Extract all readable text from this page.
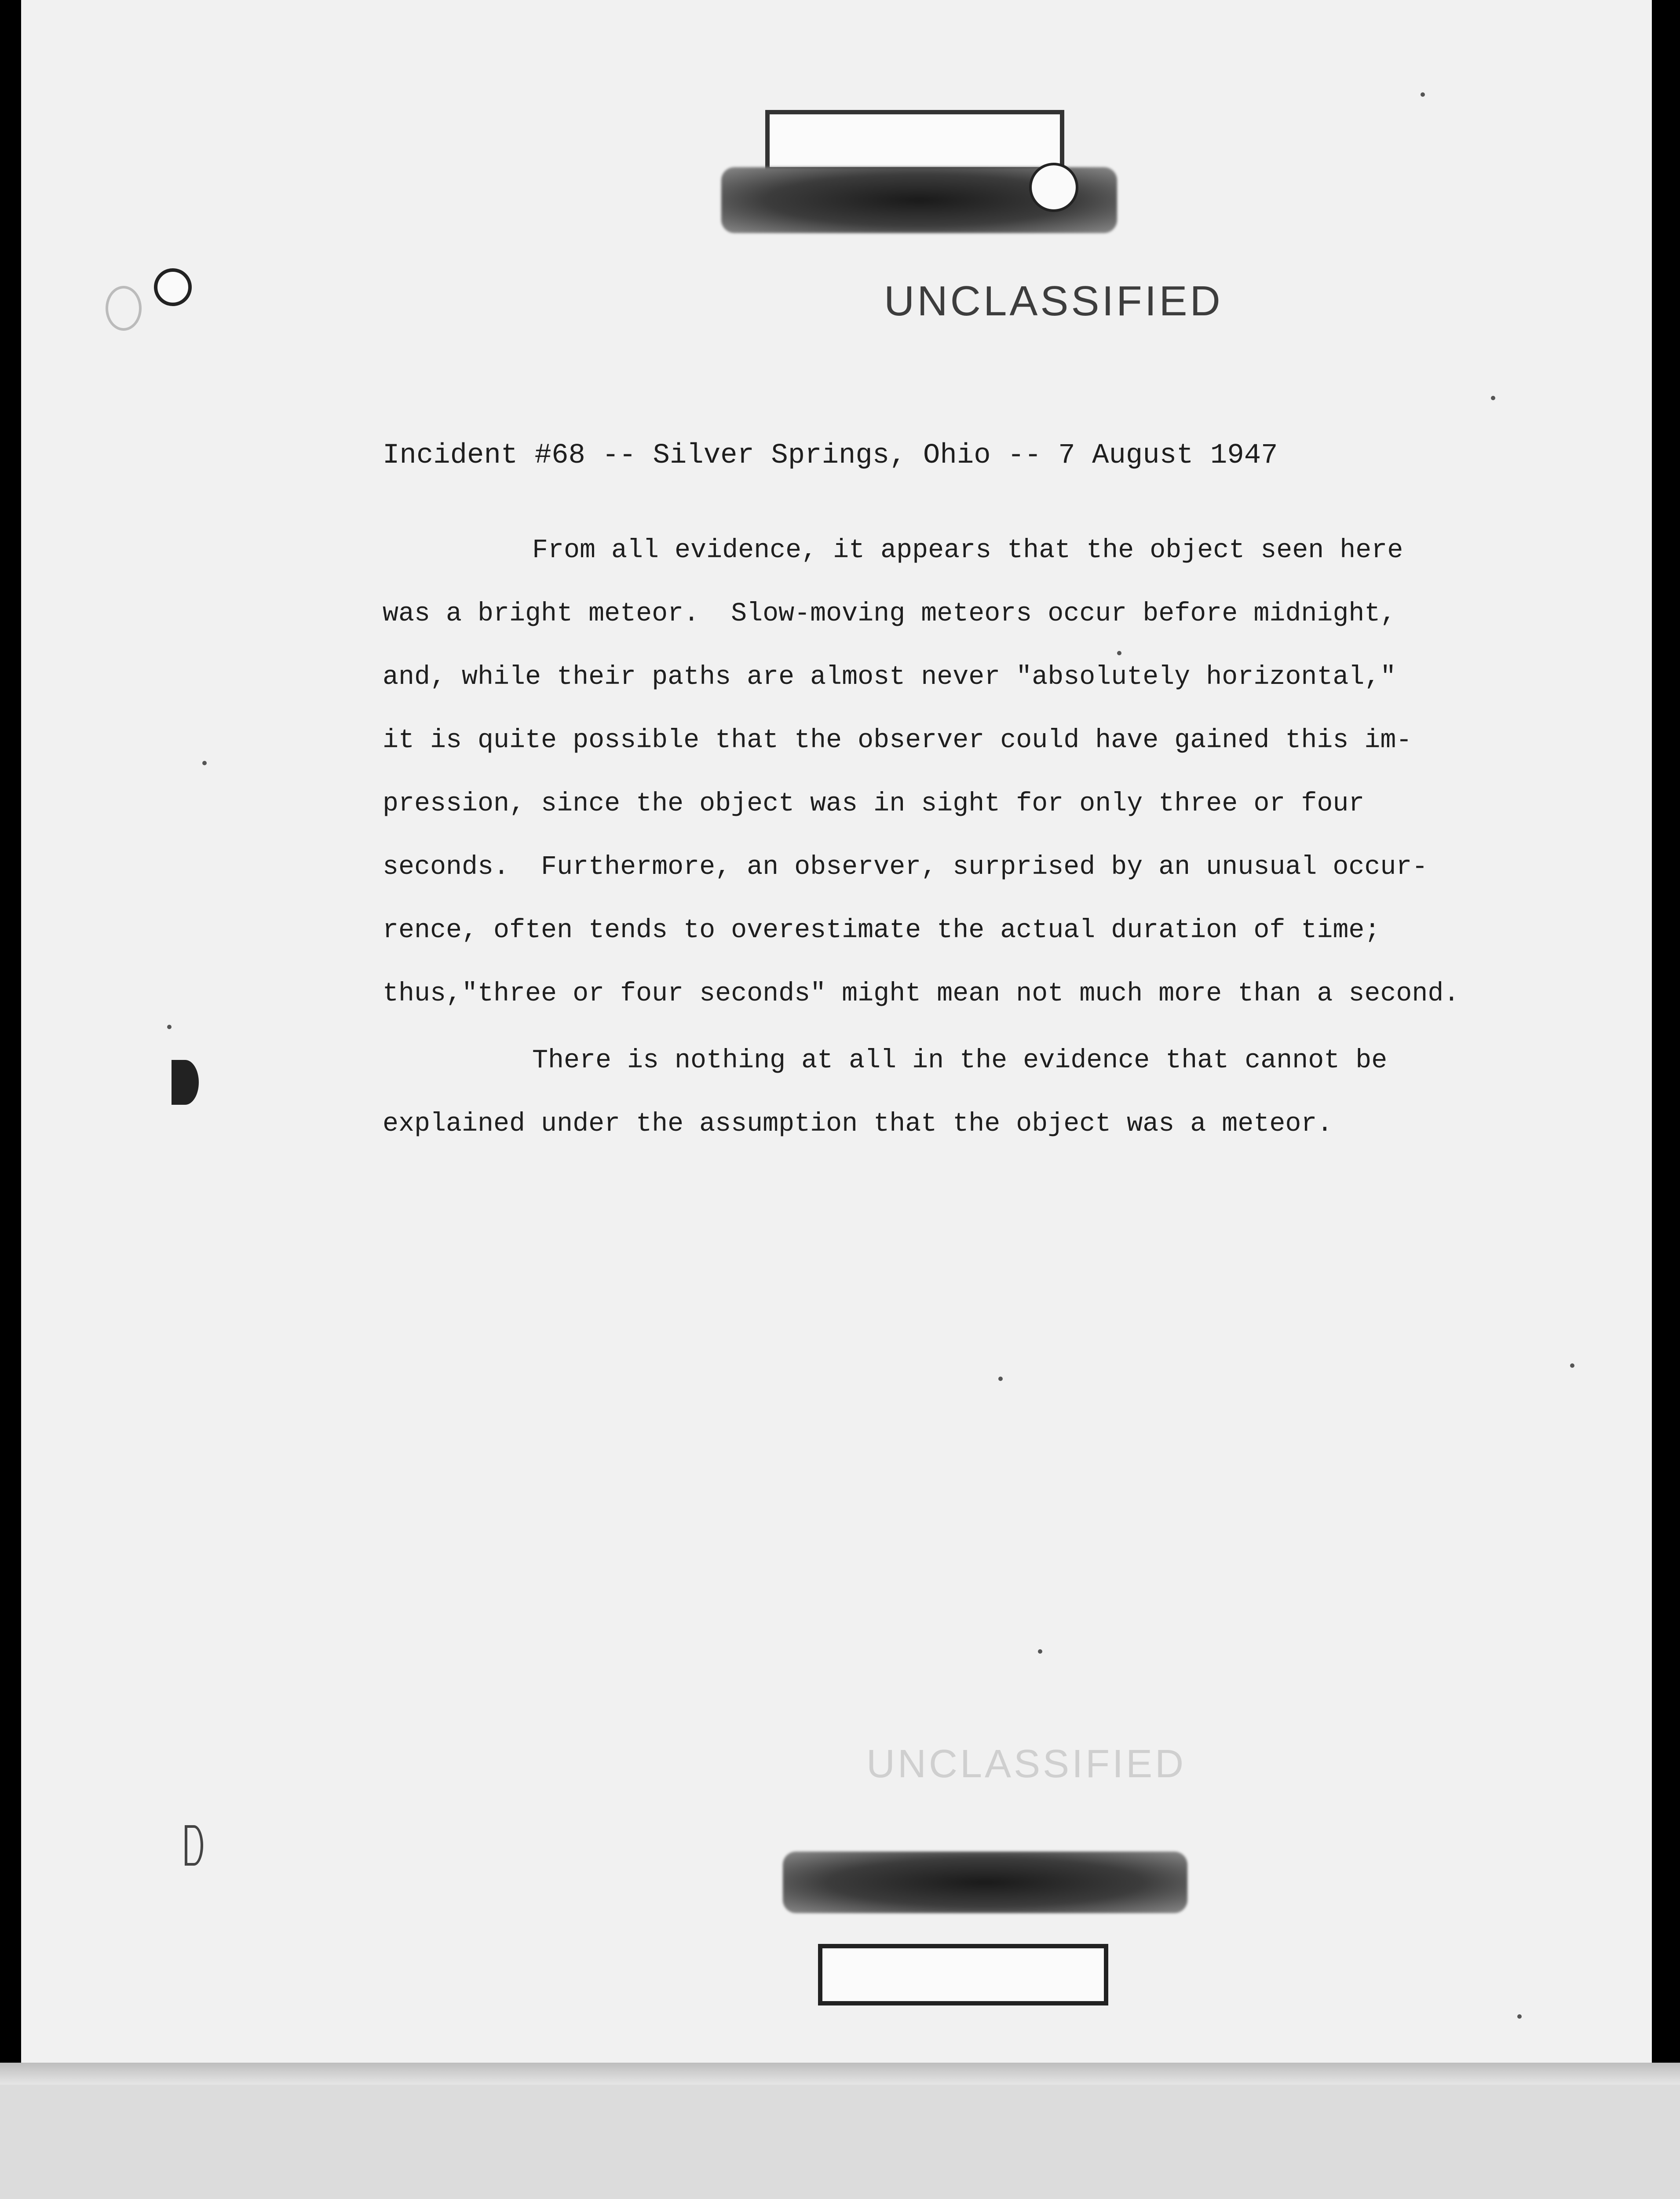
UNCLASSIFIED
Incident #68 -- Silver Springs, Ohio -- 7 August 1947
From all evidence, it appears that the object seen here
was a bright meteor.  Slow-moving meteors occur before midnight,
and, while their paths are almost never "absolutely horizontal,"
it is quite possible that the observer could have gained this im-
pression, since the object was in sight for only three or four
seconds.  Furthermore, an observer, surprised by an unusual occur-
rence, often tends to overestimate the actual duration of time;
thus,"three or four seconds" might mean not much more than a second.
There is nothing at all in the evidence that cannot be
explained under the assumption that the object was a meteor.
UNCLASSIFIED
